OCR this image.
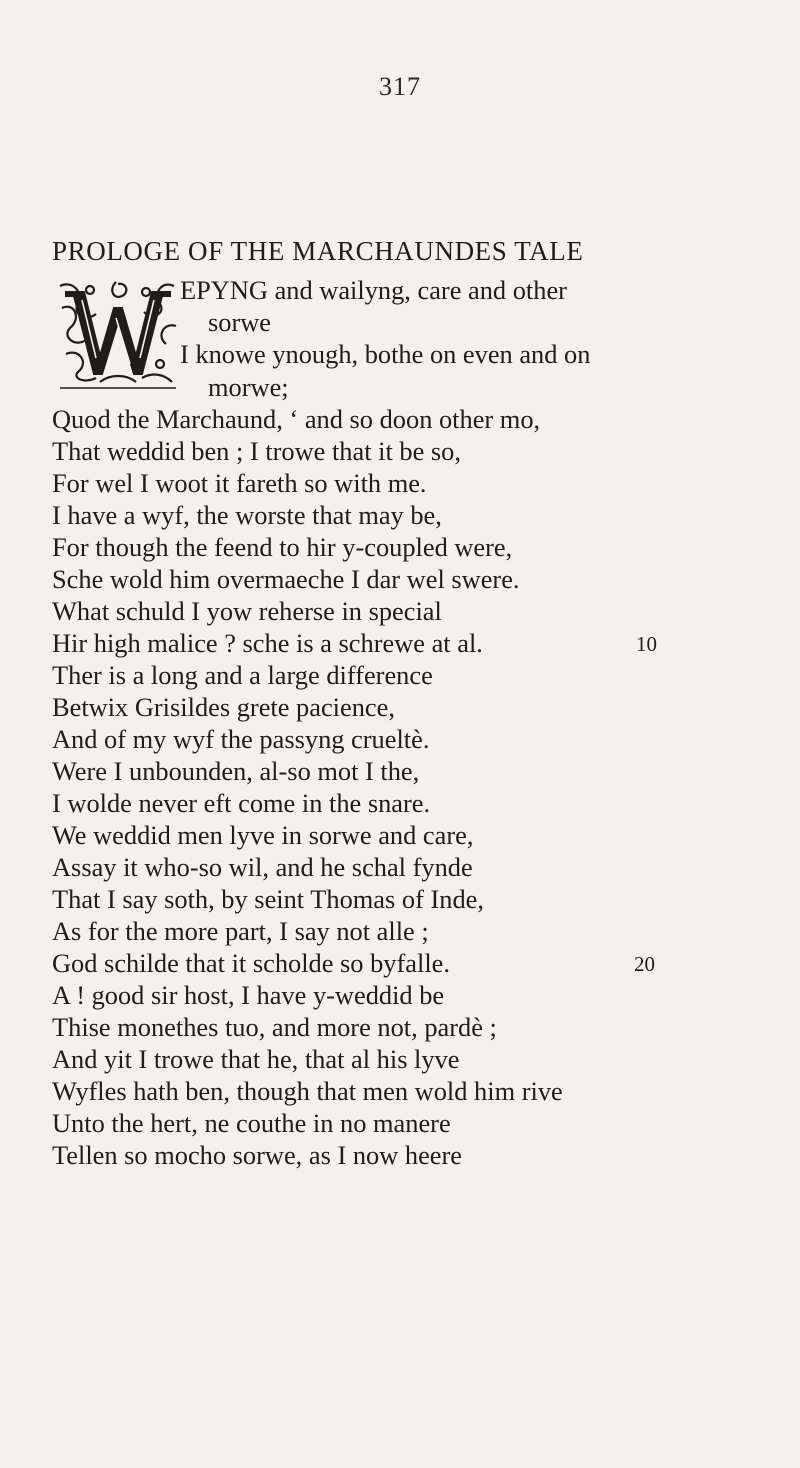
317
PROLOGE OF THE MARCHAUNDES TALE
EPYNG and wailyng, care and other
sorwe
I knowe ynough, bothe on even and on
morwe;
Quod the Marchaund, ‘ and so doon other mo,
That weddid ben ; I trowe that it be so,
For wel I woot it fareth so with me.
I have a wyf, the worste that may be,
For though the feend to hir y-coupled were,
Sche wold him overmaeche I dar wel swere.
What schuld I yow reherse in special
Hir high malice ? sche is a schrewe at al.
Ther is a long and a large difference
Betwix Grisildes grete pacience,
And of my wyf the passyng crueltè.
Were I unbounden, al-so mot I the,
I wolde never eft come in the snare.
We weddid men lyve in sorwe and care,
Assay it who-so wil, and he schal fynde
That I say soth, by seint Thomas of Inde,
As for the more part, I say not alle ;
God schilde that it scholde so byfalle.
A ! good sir host, I have y-weddid be
Thise monethes tuo, and more not, pardè ;
And yit I trowe that he, that al his lyve
Wyfles hath ben, though that men wold him rive
Unto the hert, ne couthe in no manere
Tellen so mocho sorwe, as I now heere
10
20
